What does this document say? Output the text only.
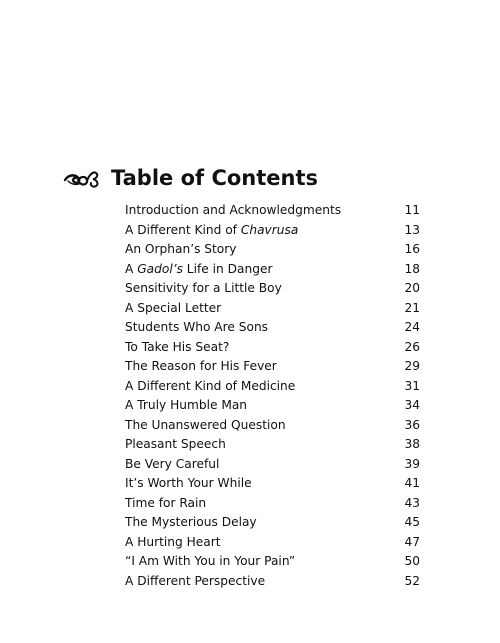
Table of Contents
Introduction and Acknowledgments	11
A Different Kind of Chavrusa	13
An Orphan’s Story	16
A Gadol’s Life in Danger	18
Sensitivity for a Little Boy	20
A Special Letter	21
Students Who Are Sons	24
To Take His Seat?	26
The Reason for His Fever	29
A Different Kind of Medicine	31
A Truly Humble Man	34
The Unanswered Question	36
Pleasant Speech	38
Be Very Careful	39
It’s Worth Your While	41
Time for Rain	43
The Mysterious Delay	45
A Hurting Heart	47
“I Am With You in Your Pain”	50
A Different Perspective	52
